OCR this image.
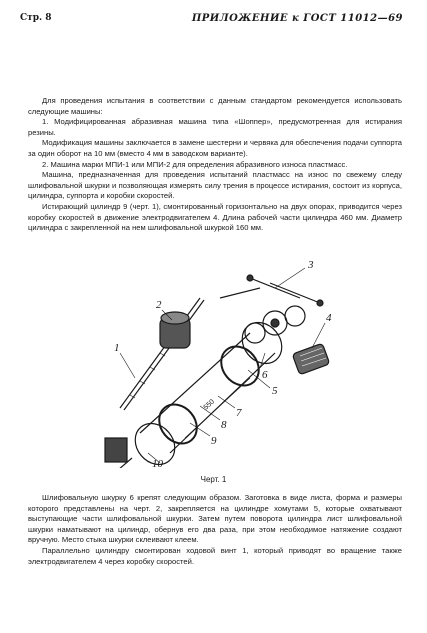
Стр. 8	ПРИЛОЖЕНИЕ к ГОСТ 11012—69

Для проведения испытания в соответствии с данным стандартом рекомендуется использовать следующие машины:

1. Модифицированная абразивная машина типа «Шоппер», предусмотренная для истирания резины.

Модификация машины заключается в замене шестерни и червяка для обеспечения подачи суппорта за один оборот на 10 мм (вместо 4 мм в заводском варианте).

2. Машина марки МПИ-1 или МПИ-2 для определения абразивного износа пластмасс.

Машина, предназначенная для проведения испытаний пластмасс на износ по свежему следу шлифовальной шкурки и позволяющая измерять силу трения в процессе истирания, состоит из корпуса, цилиндра, суппорта и коробки скоростей.

Истирающий цилиндр 9 (черт. 1), смонтированный горизонтально на двух опорах, приводится через коробку скоростей в движение электродвигателем 4. Длина рабочей части цилиндра 460 мм. Диаметр цилиндра с закрепленной на нем шлифовальной шкуркой 160 мм.

1
2
3
4
5
6
7
8
9
10
550
Черт. 1

Шлифовальную шкурку 6 крепят следующим образом. Заготовка в виде листа, форма и размеры которого представлены на черт. 2, закрепляется на цилиндре хомутами 5, которые охватывают выступающие части шлифовальной шкурки. Затем путем поворота цилиндра лист шлифовальной шкурки наматывают на цилиндр, обернув его два раза, при этом необходимое натяжение создают вручную. Место стыка шкурки склеивают клеем.

Параллельно цилиндру смонтирован ходовой винт 1, который приводят во вращение также электродвигателем 4 через коробку скоростей.
